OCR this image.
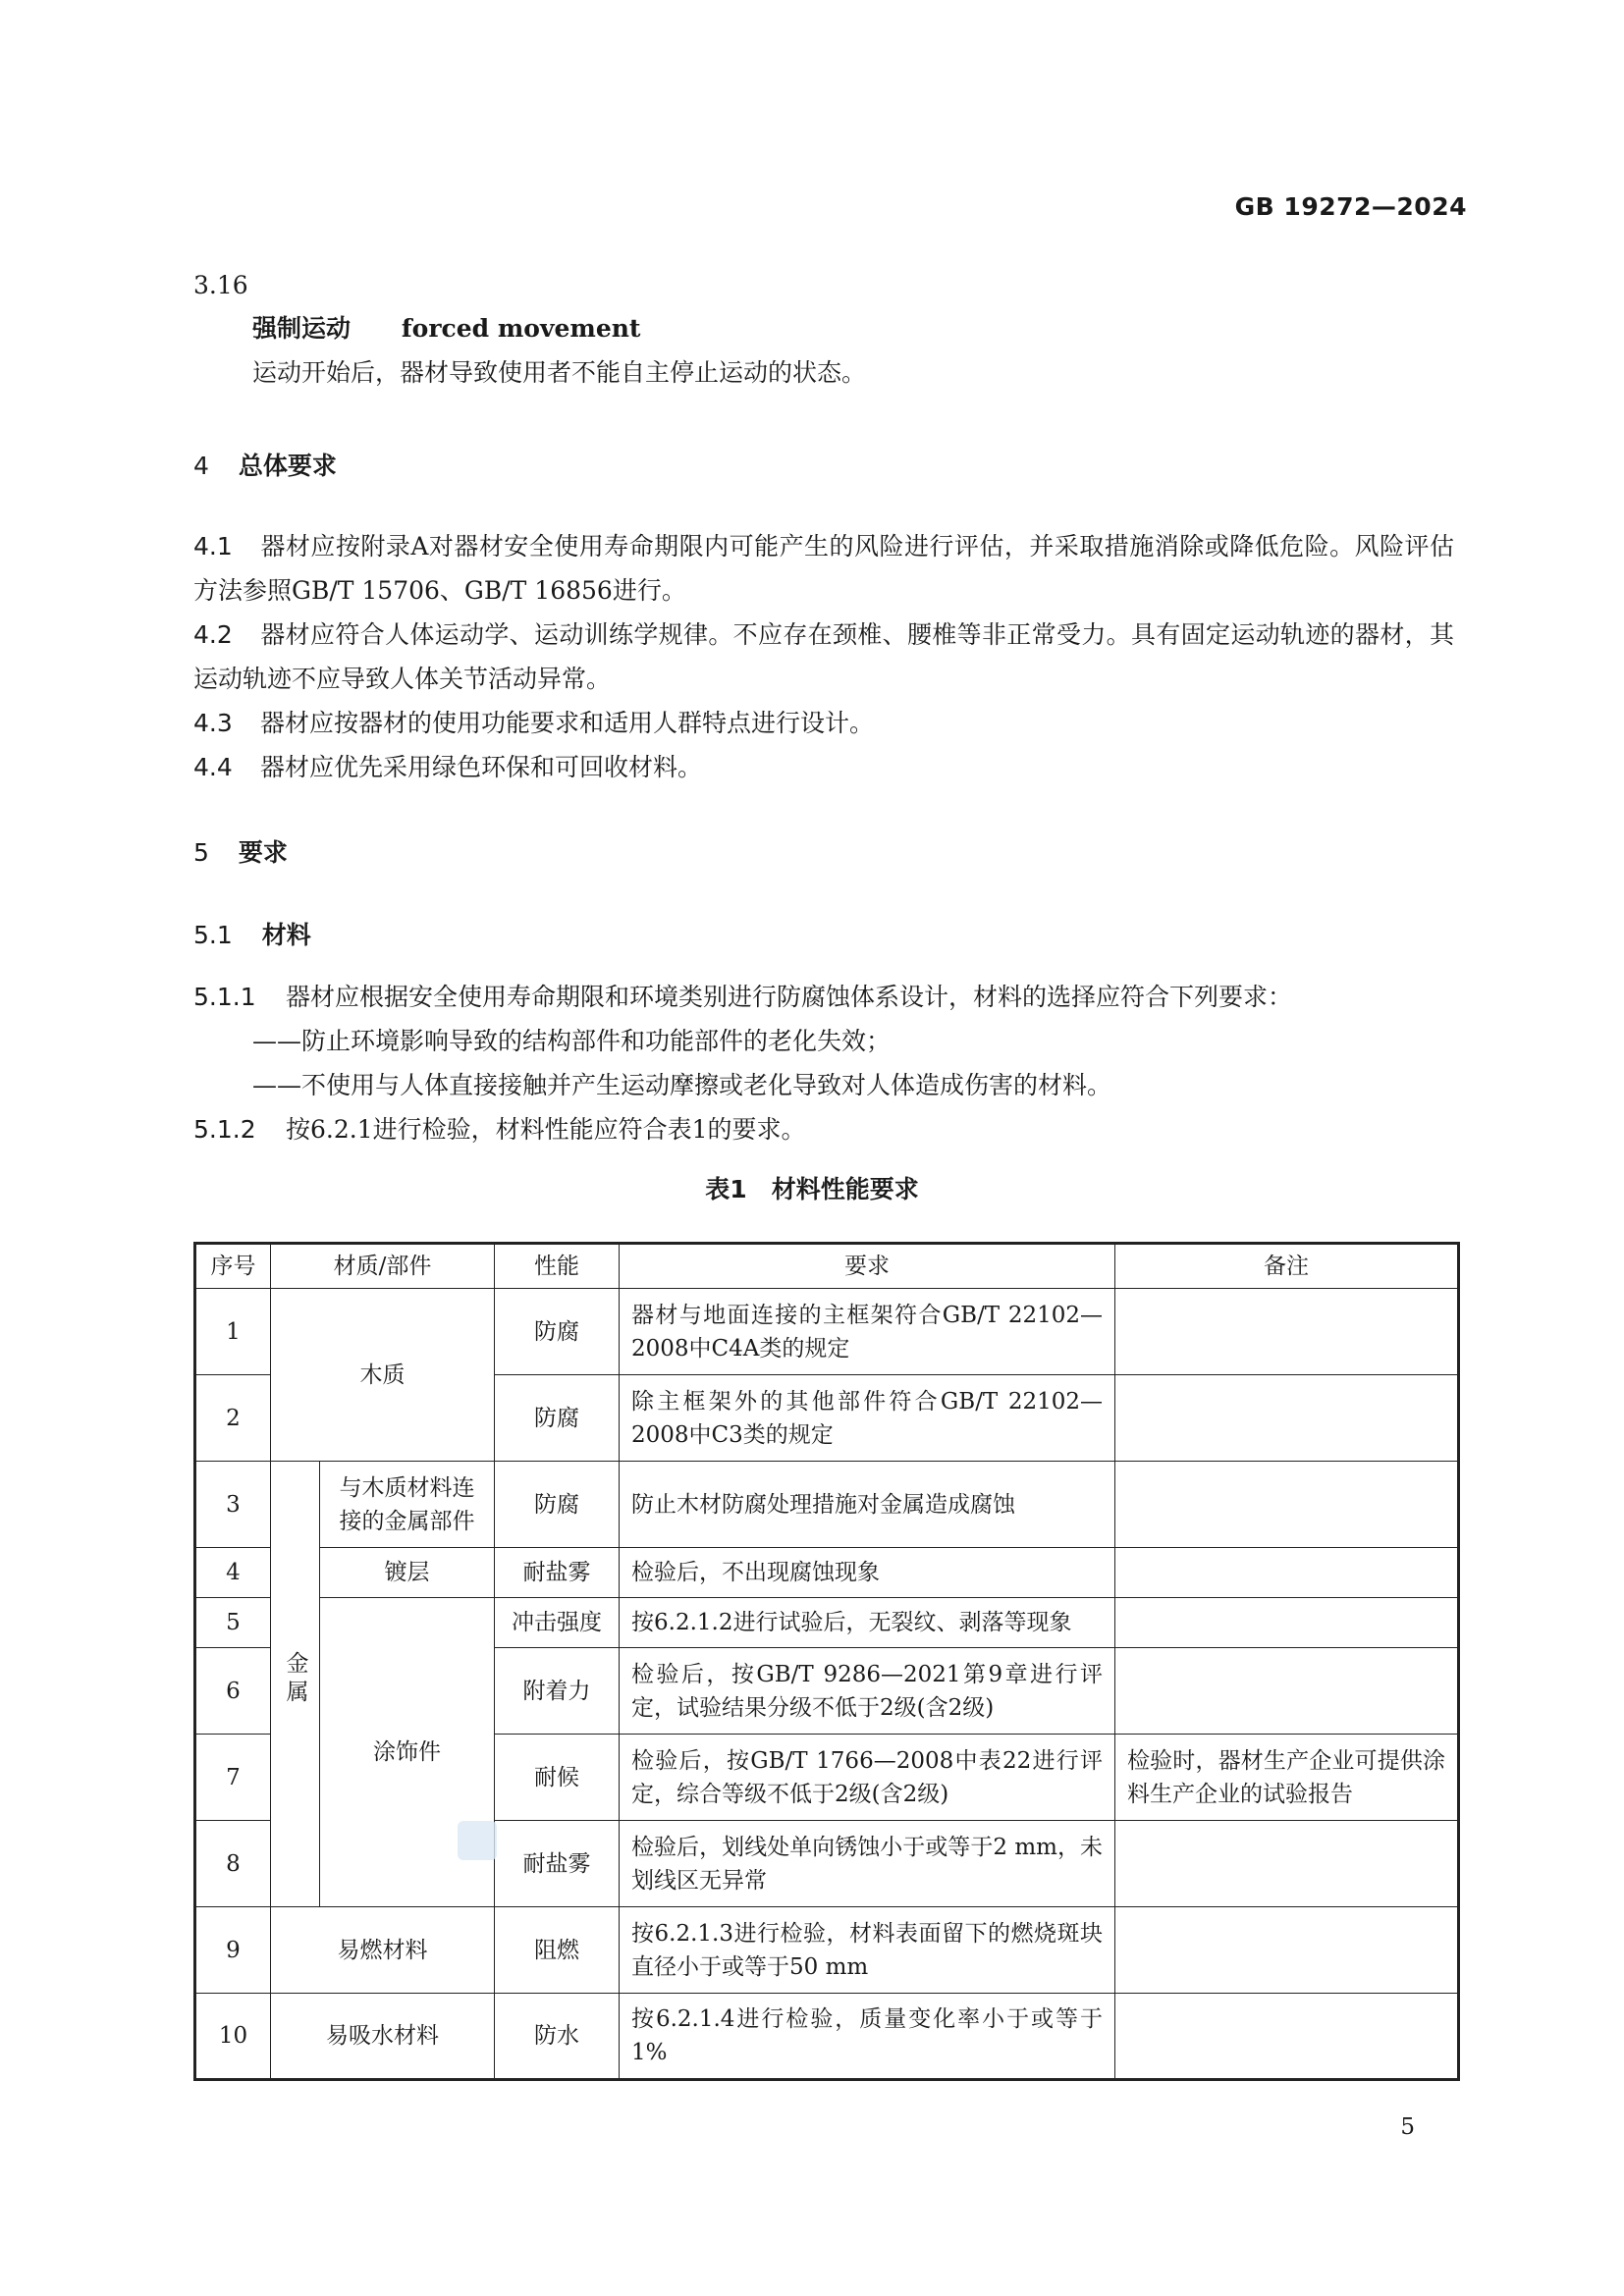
GB 19272—2024
3.16
强制运动 forced movement
运动开始后，器材导致使用者不能自主停止运动的状态。
4 总体要求
4.1 器材应按附录A对器材安全使用寿命期限内可能产生的风险进行评估，并采取措施消除或降低危险。风险评估方法参照GB/T 15706、GB/T 16856进行。
4.2 器材应符合人体运动学、运动训练学规律。不应存在颈椎、腰椎等非正常受力。具有固定运动轨迹的器材，其运动轨迹不应导致人体关节活动异常。
4.3 器材应按器材的使用功能要求和适用人群特点进行设计。
4.4 器材应优先采用绿色环保和可回收材料。
5 要求
5.1 材料
5.1.1 器材应根据安全使用寿命期限和环境类别进行防腐蚀体系设计，材料的选择应符合下列要求：
——防止环境影响导致的结构部件和功能部件的老化失效；
——不使用与人体直接接触并产生运动摩擦或老化导致对人体造成伤害的材料。
5.1.2 按6.2.1进行检验，材料性能应符合表1的要求。
表1　材料性能要求
序号	材质/部件		性能	要求	备注
1	木质		防腐	器材与地面连接的主框架符合GB/T 22102—2008中C4A类的规定	
2			防腐	除主框架外的其他部件符合GB/T 22102—2008中C3类的规定	
3	金属	与木质材料连接的金属部件	防腐	防止木材防腐处理措施对金属造成腐蚀	
4		镀层	耐盐雾	检验后，不出现腐蚀现象	
5		涂饰件	冲击强度	按6.2.1.2进行试验后，无裂纹、剥落等现象	
6			附着力	检验后，按GB/T 9286—2021第9章进行评定，试验结果分级不低于2级(含2级)	
7			耐候	检验后，按GB/T 1766—2008中表22进行评定，综合等级不低于2级(含2级)	检验时，器材生产企业可提供涂料生产企业的试验报告
8			耐盐雾	检验后，划线处单向锈蚀小于或等于2 mm，未划线区无异常	
9	易燃材料		阻燃	按6.2.1.3进行检验，材料表面留下的燃烧斑块直径小于或等于50 mm	
10	易吸水材料		防水	按6.2.1.4进行检验，质量变化率小于或等于1%	
5
